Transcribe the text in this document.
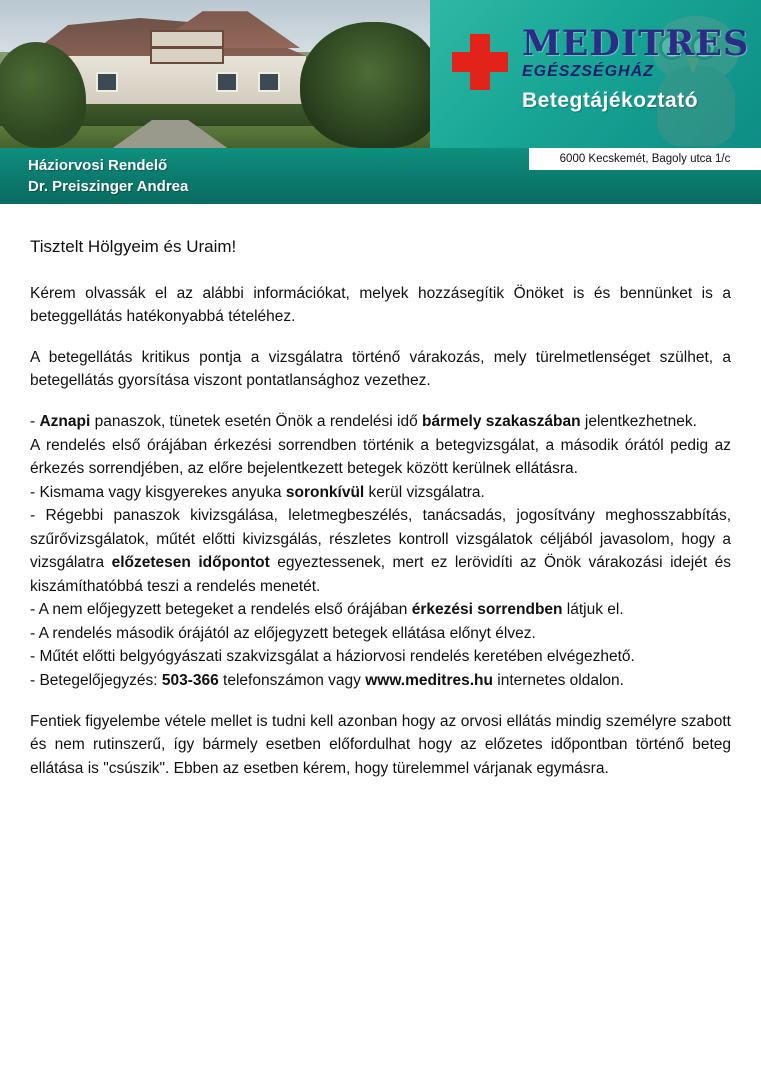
MEDITRES
EGÉSZSÉGHÁZ
Betegtájékoztató
Háziorvosi Rendelő
Dr. Preiszinger Andrea
6000 Kecskemét, Bagoly utca 1/c

Tisztelt Hölgyeim és Uraim!

Kérem olvassák el az alábbi információkat, melyek hozzásegítik Önöket is és bennünket is a beteggellátás hatékonyabbá tételéhez.

A betegellátás kritikus pontja a vizsgálatra történő várakozás, mely türelmetlenséget szülhet, a betegellátás gyorsítása viszont pontatlansághoz vezethez.

- Aznapi panaszok, tünetek esetén Önök a rendelési idő bármely szakaszában jelentkezhetnek.

A rendelés első órájában érkezési sorrendben történik a betegvizsgálat, a második órától pedig az érkezés sorrendjében, az előre bejelentkezett betegek között kerülnek ellátásra.

- Kismama vagy kisgyerekes anyuka soronkívül kerül vizsgálatra.

- Régebbi panaszok kivizsgálása, leletmegbeszélés, tanácsadás, jogosítvány meghosszabbítás, szűrővizsgálatok, műtét előtti kivizsgálás, részletes kontroll vizsgálatok céljából javasolom, hogy a vizsgálatra előzetesen időpontot egyeztessenek, mert ez lerövidíti az Önök várakozási idejét és kiszámíthatóbbá teszi a rendelés menetét.

- A nem előjegyzett betegeket a rendelés első órájában érkezési sorrendben látjuk el.

- A rendelés második órájától az előjegyzett betegek ellátása előnyt élvez.

- Műtét előtti belgyógyászati szakvizsgálat a háziorvosi rendelés keretében elvégezhető.

- Betegelőjegyzés: 503-366 telefonszámon vagy www.meditres.hu internetes oldalon.

Fentiek figyelembe vétele mellet is tudni kell azonban hogy az orvosi ellátás mindig személyre szabott és nem rutinszerű, így bármely esetben előfordulhat hogy az előzetes időpontban történő beteg ellátása is "csúszik". Ebben az esetben kérem, hogy türelemmel várjanak egymásra.
